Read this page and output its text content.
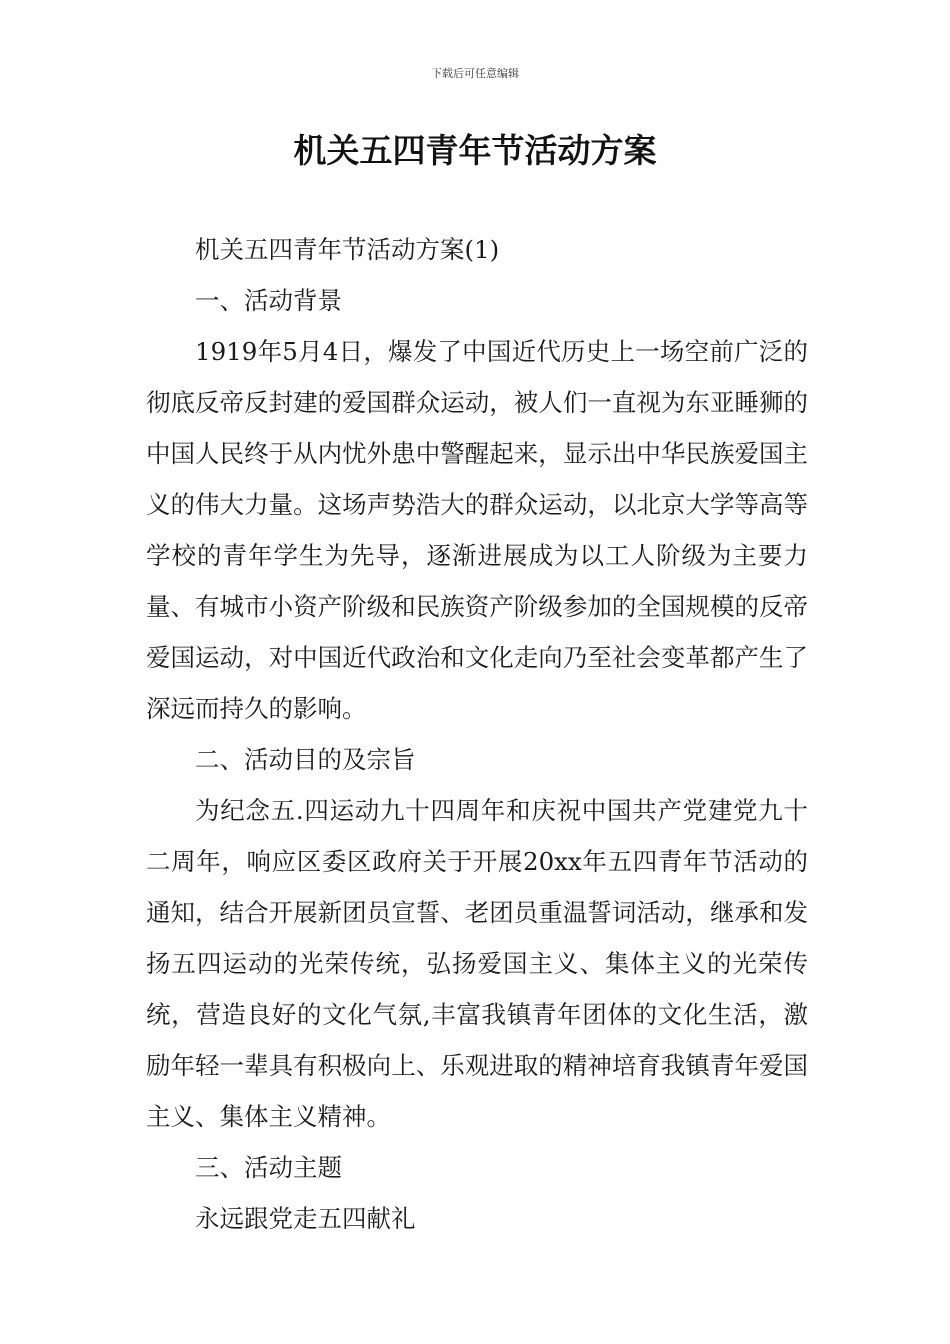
下载后可任意编辑
机关五四青年节活动方案

机关五四青年节活动方案(1)

一、活动背景

1919年5月4日，爆发了中国近代历史上一场空前广泛的彻底反帝反封建的爱国群众运动，被人们一直视为东亚睡狮的中国人民终于从内忧外患中警醒起来，显示出中华民族爱国主义的伟大力量。这场声势浩大的群众运动，以北京大学等高等学校的青年学生为先导，逐渐进展成为以工人阶级为主要力量、有城市小资产阶级和民族资产阶级参加的全国规模的反帝爱国运动，对中国近代政治和文化走向乃至社会变革都产生了深远而持久的影响。

二、活动目的及宗旨

为纪念五.四运动九十四周年和庆祝中国共产党建党九十二周年，响应区委区政府关于开展20xx年五四青年节活动的通知，结合开展新团员宣誓、老团员重温誓词活动，继承和发扬五四运动的光荣传统，弘扬爱国主义、集体主义的光荣传统，营造良好的文化气氛,丰富我镇青年团体的文化生活，激励年轻一辈具有积极向上、乐观进取的精神培育我镇青年爱国主义、集体主义精神。

三、活动主题

永远跟党走五四献礼
